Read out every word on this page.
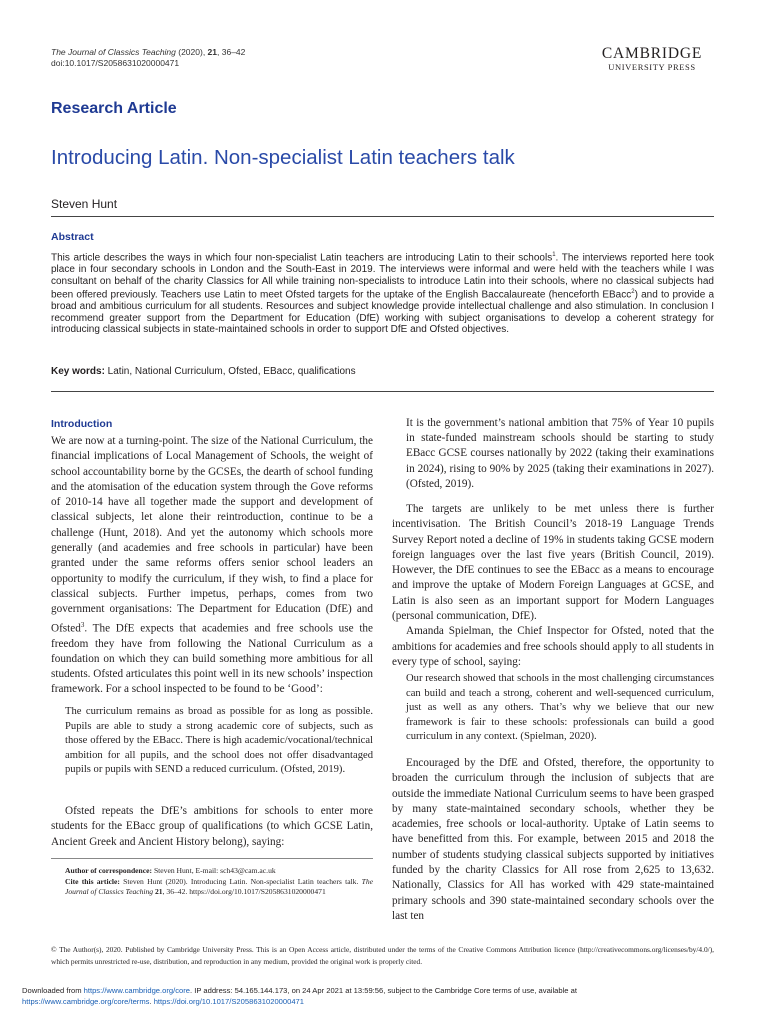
The Journal of Classics Teaching (2020), 21, 36–42
doi:10.1017/S2058631020000471
CAMBRIDGE
UNIVERSITY PRESS
Research Article
Introducing Latin. Non-specialist Latin teachers talk
Steven Hunt
Abstract
This article describes the ways in which four non-specialist Latin teachers are introducing Latin to their schools$^1$. The interviews reported here took place in four secondary schools in London and the South-East in 2019. The interviews were informal and were held with the teachers while I was consultant on behalf of the charity Classics for All while training non-specialists to introduce Latin into their schools, where no classical subjects had been offered previously. Teachers use Latin to meet Ofsted targets for the uptake of the English Baccalaureate (henceforth EBacc$^2$) and to provide a broad and ambitious curriculum for all students. Resources and subject knowledge provide intellectual challenge and also stimulation. In conclusion I recommend greater support from the Department for Education (DfE) working with subject organisations to develop a coherent strategy for introducing classical subjects in state-maintained schools in order to support DfE and Ofsted objectives.
Key words: Latin, National Curriculum, Ofsted, EBacc, qualifications
Introduction

We are now at a turning-point. The size of the National Curriculum, the financial implications of Local Management of Schools, the weight of school accountability borne by the GCSEs, the dearth of school funding and the atomisation of the education system through the Gove reforms of 2010-14 have all together made the support and development of classical subjects, let alone their reintroduction, continue to be a challenge (Hunt, 2018). And yet the autonomy which schools more generally (and academies and free schools in particular) have been granted under the same reforms offers senior school leaders an opportunity to modify the curriculum, if they wish, to find a place for classical subjects. Further impetus, perhaps, comes from two government organisations: The Department for Education (DfE) and Ofsted$^3$. The DfE expects that academies and free schools use the freedom they have from following the National Curriculum as a foundation on which they can build something more ambitious for all students. Ofsted articulates this point well in its new schools’ inspection framework. For a school inspected to be found to be ‘Good’:

The curriculum remains as broad as possible for as long as possible. Pupils are able to study a strong academic core of subjects, such as those offered by the EBacc. There is high academic/vocational/technical ambition for all pupils, and the school does not offer disadvantaged pupils or pupils with SEND a reduced curriculum. (Ofsted, 2019).

Ofsted repeats the DfE’s ambitions for schools to enter more students for the EBacc group of qualifications (to which GCSE Latin, Ancient Greek and Ancient History belong), saying:

Author of correspondence: Steven Hunt, E-mail: sch43@cam.ac.uk
Cite this article: Steven Hunt (2020). Introducing Latin. Non-specialist Latin teachers talk. The Journal of Classics Teaching 21, 36–42. https://doi.org/10.1017/S2058631020000471

It is the government’s national ambition that 75% of Year 10 pupils in state-funded mainstream schools should be starting to study EBacc GCSE courses nationally by 2022 (taking their examinations in 2024), rising to 90% by 2025 (taking their examinations in 2027). (Ofsted, 2019).

The targets are unlikely to be met unless there is further incentivisation. The British Council’s 2018-19 Language Trends Survey Report noted a decline of 19% in students taking GCSE modern foreign languages over the last five years (British Council, 2019). However, the DfE continues to see the EBacc as a means to encourage and improve the uptake of Modern Foreign Languages at GCSE, and Latin is also seen as an important support for Modern Languages (personal communication, DfE).

Amanda Spielman, the Chief Inspector for Ofsted, noted that the ambitions for academies and free schools should apply to all students in every type of school, saying:

Our research showed that schools in the most challenging circumstances can build and teach a strong, coherent and well-sequenced curriculum, just as well as any others. That’s why we believe that our new framework is fair to these schools: professionals can build a good curriculum in any context. (Spielman, 2020).

Encouraged by the DfE and Ofsted, therefore, the opportunity to broaden the curriculum through the inclusion of subjects that are outside the immediate National Curriculum seems to have been grasped by many state-maintained secondary schools, whether they be academies, free schools or local-authority. Uptake of Latin seems to have benefitted from this. For example, between 2015 and 2018 the number of students studying classical subjects supported by initiatives funded by the charity Classics for All rose from 2,625 to 13,632. Nationally, Classics for All has worked with 429 state-maintained primary schools and 390 state-maintained secondary schools over the last ten

© The Author(s), 2020. Published by Cambridge University Press. This is an Open Access article, distributed under the terms of the Creative Commons Attribution licence (http://creativecommons.org/licenses/by/4.0/), which permits unrestricted re-use, distribution, and reproduction in any medium, provided the original work is properly cited.
Downloaded from https://www.cambridge.org/core. IP address: 54.165.144.173, on 24 Apr 2021 at 13:59:56, subject to the Cambridge Core terms of use, available at
https://www.cambridge.org/core/terms. https://doi.org/10.1017/S2058631020000471
